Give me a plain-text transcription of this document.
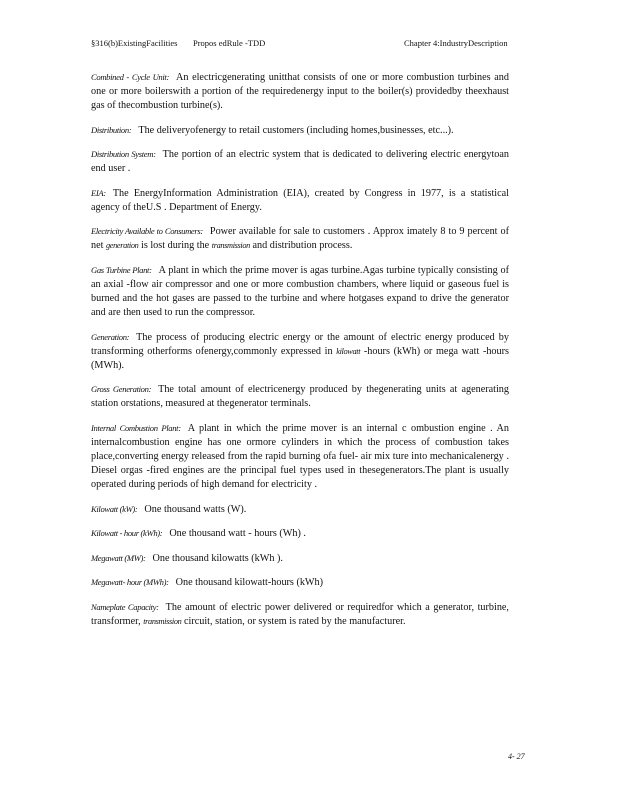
§316(b)ExistingFacilities Propos edRule -TDD	Chapter 4:IndustryDescription

Combined - Cycle Unit: An electricgenerating unitthat consists of one or more combustion turbines and one or more boilerswith a portion of the requiredenergy input to the boiler(s) providedby theexhaust gas of thecombustion turbine(s).

Distribution: The deliveryofenergy to retail customers (including homes,businesses, etc...).

Distribution System: The portion of an electric system that is dedicated to delivering electric energytoan end user .

EIA: The EnergyInformation Administration (EIA), created by Congress in 1977, is a statistical agency of theU.S . Department of Energy.

Electricity Available to Consumers: Power available for sale to customers . Approx imately 8 to 9 percent of net generation is lost during the transmission and distribution process.

Gas Turbine Plant: A plant in which the prime mover is agas turbine.Agas turbine typically consisting of an axial -flow air compressor and one or more combustion chambers, where liquid or gaseous fuel is burned and the hot gases are passed to the turbine and where hotgases expand to drive the generator and are then used to run the compressor.

Generation: The process of producing electric energy or the amount of electric energy produced by transforming otherforms ofenergy,commonly expressed in kilowatt -hours (kWh) or mega watt -hours (MWh).

Gross Generation: The total amount of electricenergy produced by thegenerating units at agenerating station orstations, measured at thegenerator terminals.

Internal Combustion Plant: A plant in which the prime mover is an internal c ombustion engine . An internalcombustion engine has one ormore cylinders in which the process of combustion takes place,converting energy released from the rapid burning ofa fuel- air mix ture into mechanicalenergy . Diesel orgas -fired engines are the principal fuel types used in thesegenerators.The plant is usually operated during periods of high demand for electricity .

Kilowatt (kW): One thousand watts (W).

Kilowatt - hour (kWh): One thousand watt - hours (Wh) .

Megawatt (MW): One thousand kilowatts (kWh ).

Megawatt- hour (MWh): One thousand kilowatt-hours (kWh)

Nameplate Capacity: The amount of electric power delivered or requiredfor which a generator, turbine, transformer, transmission circuit, station, or system is rated by the manufacturer.

4- 27
